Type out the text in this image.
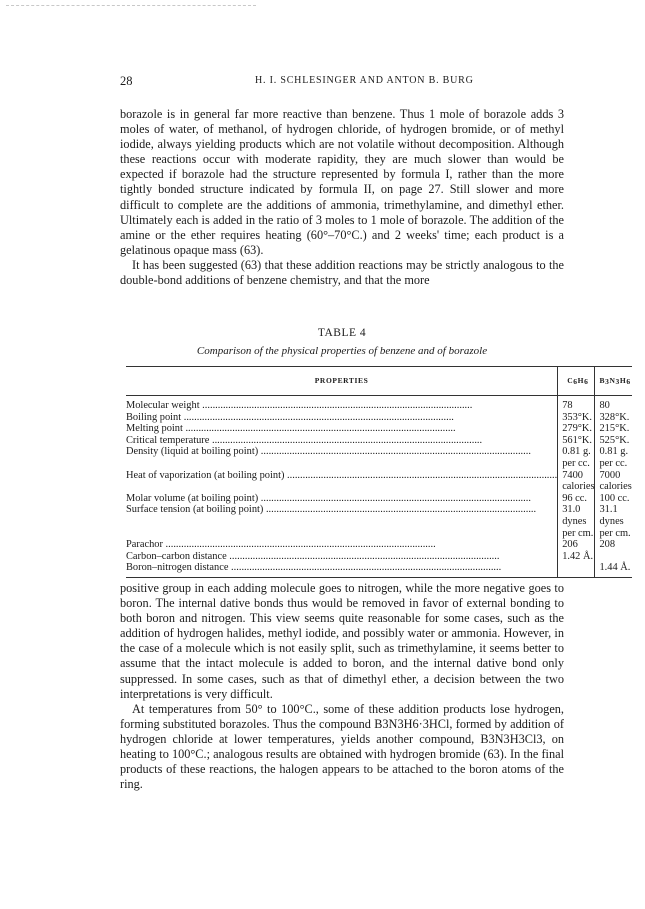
28	H. I. SCHLESINGER AND ANTON B. BURG

borazole is in general far more reactive than benzene. Thus 1 mole of borazole adds 3 moles of water, of methanol, of hydrogen chloride, of hydrogen bromide, or of methyl iodide, always yielding products which are not volatile without decomposition. Although these reactions occur with moderate rapidity, they are much slower than would be expected if borazole had the structure represented by formula I, rather than the more tightly bonded structure indicated by formula II, on page 27. Still slower and more difficult to complete are the additions of ammonia, trimethylamine, and dimethyl ether. Ultimately each is added in the ratio of 3 moles to 1 mole of borazole. The addition of the amine or the ether requires heating (60°–70°C.) and 2 weeks' time; each product is a gelatinous opaque mass (63).

It has been suggested (63) that these addition reactions may be strictly analogous to the double-bond additions of benzene chemistry, and that the more

TABLE 4
Comparison of the physical properties of benzene and of borazole
PROPERTIES	C6H6	B3N3H6

Molecular weight .....	78	80

Boiling point .....	353°K.	328°K.

Melting point .....	279°K.	215°K.

Critical temperature .....	561°K.	525°K.

Density (liquid at boiling point) .....	0.81 g. per cc.	0.81 g. per cc.

Heat of vaporization (at boiling point) .....	7400 calories	7000 calories

Molar volume (at boiling point) .....	96 cc.	100 cc.

Surface tension (at boiling point) .....	31.0 dynes per cm.	31.1 dynes per cm.

Parachor .....	206	208

Carbon–carbon distance .....	1.42 Å.	

Boron–nitrogen distance .....		1.44 Å.

positive group in each adding molecule goes to nitrogen, while the more negative goes to boron. The internal dative bonds thus would be removed in favor of external bonding to both boron and nitrogen. This view seems quite reasonable for some cases, such as the addition of hydrogen halides, methyl iodide, and possibly water or ammonia. However, in the case of a molecule which is not easily split, such as trimethylamine, it seems better to assume that the intact molecule is added to boron, and the internal dative bond only suppressed. In some cases, such as that of dimethyl ether, a decision between the two interpretations is very difficult.

At temperatures from 50° to 100°C., some of these addition products lose hydrogen, forming substituted borazoles. Thus the compound B3N3H6·3HCl, formed by addition of hydrogen chloride at lower temperatures, yields another compound, B3N3H3Cl3, on heating to 100°C.; analogous results are obtained with hydrogen bromide (63). In the final products of these reactions, the halogen appears to be attached to the boron atoms of the ring.
